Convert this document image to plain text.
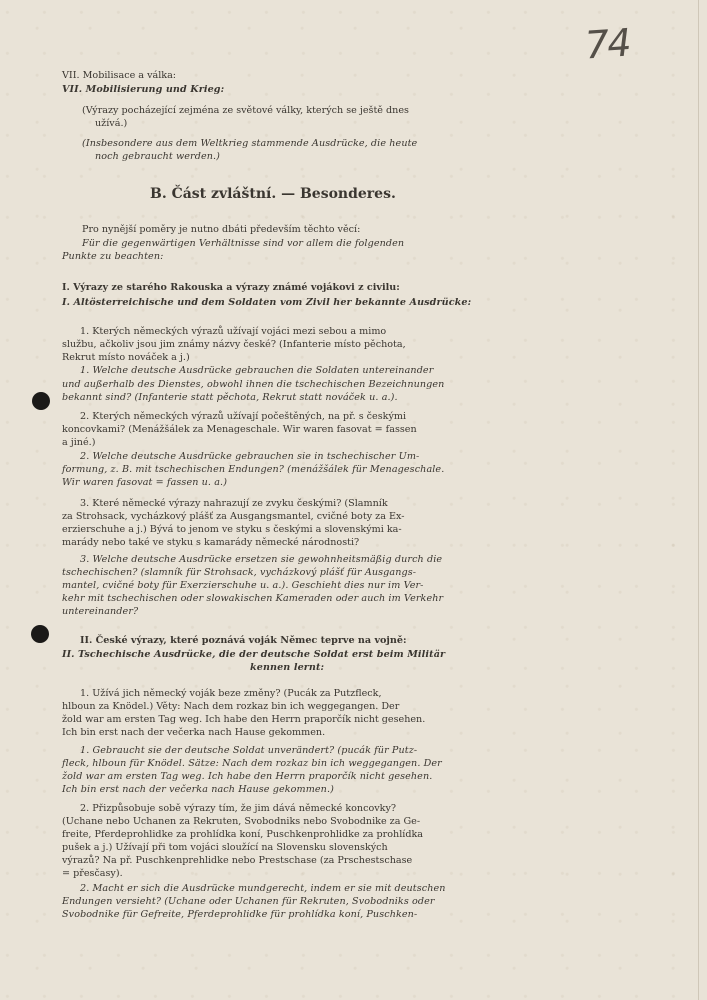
74
VII. Mobilisace a válka:
VII. Mobilisierung und Krieg:
(Výrazy pocházející zejména ze světové války, kterých se ještě dnes
užívá.)
(Insbesondere aus dem Weltkrieg stammende Ausdrücke, die heute
noch gebraucht werden.)
B. Část zvláštní. — Besonderes.
Pro nynější poměry je nutno dbáti především těchto věcí:
Für die gegenwärtigen Verhältnisse sind vor allem die folgenden
Punkte zu beachten:
I. Výrazy ze starého Rakouska a výrazy známé vojákovi z civilu:
I. Altösterreichische und dem Soldaten vom Zivil her bekannte Ausdrücke:
1. Kterých německých výrazů užívají vojáci mezi sebou a mimo
službu, ačkoliv jsou jim známy názvy české? (Infanterie místo pěchota,
Rekrut místo nováček a j.)
1. Welche deutsche Ausdrücke gebrauchen die Soldaten untereinander
und außerhalb des Dienstes, obwohl ihnen die tschechischen Bezeichnungen
bekannt sind? (Infanterie statt pěchota, Rekrut statt nováček u. a.).
2. Kterých německých výrazů užívají počeštěných, na př. s českými
koncovkami? (Menážšálek za Menageschale. Wir waren fasovat = fassen
a jiné.)
2. Welche deutsche Ausdrücke gebrauchen sie in tschechischer Um-
formung, z. B. mit tschechischen Endungen? (menážšálek für Menageschale.
Wir waren fasovat = fassen u. a.)
3. Které německé výrazy nahrazují ze zvyku českými? (Slamník
za Strohsack, vycházkový plášť za Ausgangsmantel, cvičné boty za Ex-
erzierschuhe a j.) Bývá to jenom ve styku s českými a slovenskými ka-
marády nebo také ve styku s kamarády německé národnosti?
3. Welche deutsche Ausdrücke ersetzen sie gewohnheitsmäßig durch die
tschechischen? (slamník für Strohsack, vycházkový plášť für Ausgangs-
mantel, cvičné boty für Exerzierschuhe u. a.). Geschieht dies nur im Ver-
kehr mit tschechischen oder slowakischen Kameraden oder auch im Verkehr
untereinander?
II. České výrazy, které poznává voják Němec teprve na vojně:
II. Tschechische Ausdrücke, die der deutsche Soldat erst beim Militär
kennen lernt:
1. Užívá jich německý voják beze změny? (Pucák za Putzfleck,
hlboun za Knödel.) Věty: Nach dem rozkaz bin ich weggegangen. Der
žold war am ersten Tag weg. Ich habe den Herrn praporčík nicht gesehen.
Ich bin erst nach der večerka nach Hause gekommen.
1. Gebraucht sie der deutsche Soldat unverändert? (pucák für Putz-
fleck, hlboun für Knödel. Sätze: Nach dem rozkaz bin ich weggegangen. Der
žold war am ersten Tag weg. Ich habe den Herrn praporčík nicht gesehen.
Ich bin erst nach der večerka nach Hause gekommen.)
2. Přizpůsobuje sobě výrazy tím, že jim dává německé koncovky?
(Uchane nebo Uchanen za Rekruten, Svobodniks nebo Svobodnike za Ge-
freite, Pferdeprohlidke za prohlídka koní, Puschkenprohlidke za prohlídka
pušek a j.) Užívají při tom vojáci sloužící na Slovensku slovenských
výrazů? Na př. Puschkenprehlidke nebo Prestschase (za Prschestschase
= přesčasy).
2. Macht er sich die Ausdrücke mundgerecht, indem er sie mit deutschen
Endungen versieht? (Uchane oder Uchanen für Rekruten, Svobodniks oder
Svobodnike für Gefreite, Pferdeprohlidke für prohlídka koní, Puschken-
